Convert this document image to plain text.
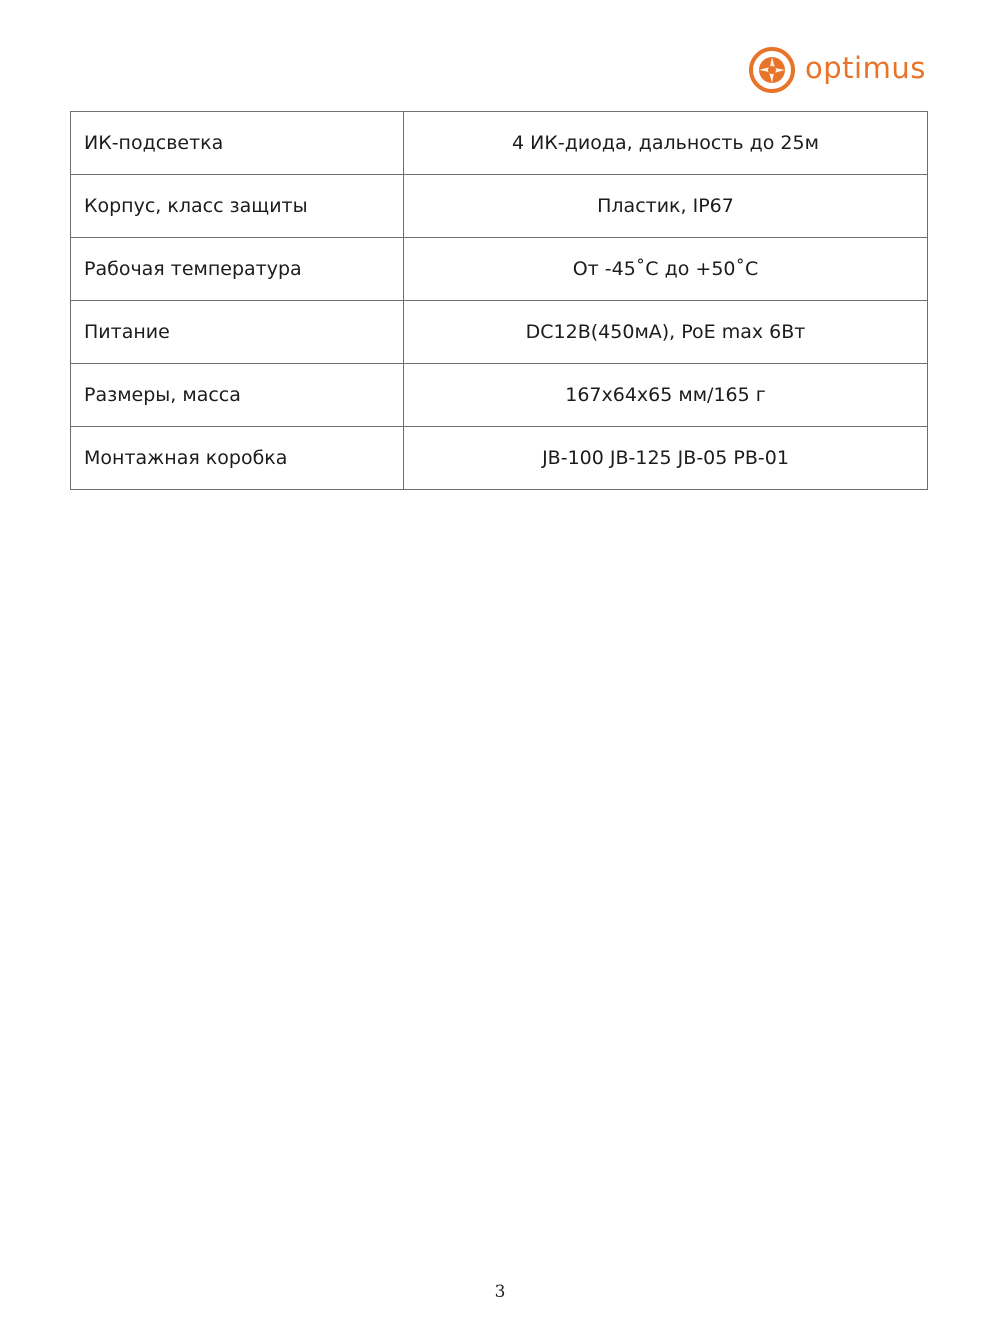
optimus
ИК-подсветка	4 ИК-диода, дальность до 25м
Корпус, класс защиты	Пластик, IP67
Рабочая температура	От -45˚С до +50˚С
Питание	DC12В(450мА), PoE max 6Вт
Размеры, масса	167x64x65 мм/165 г
Монтажная коробка	JB-100 JB-125 JB-05 PB-01
3
